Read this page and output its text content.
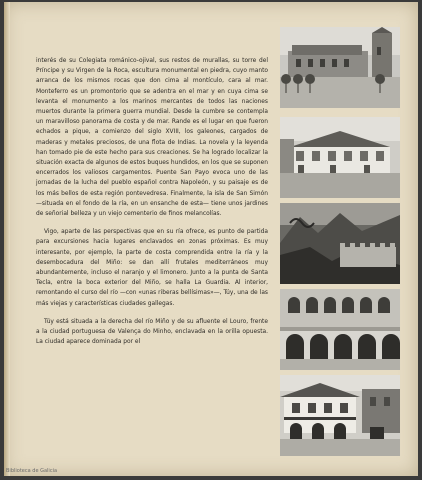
interés de su Colegiata románico-ojival, sus restos de murallas, su torre del Príncipe y su Virgen de la Roca, escultura monumental en piedra, cuyo manto arranca de los mismos rocas que don cima al montículo, cara al mar. Monteferro es un promontorio que se adentra en el mar y en cuya cima se levanta el monumento a los marinos mercantes de todos las naciones muertos durante la primera guerra mundial. Desde la cumbre se contempla un maravilloso panorama de costa y de mar. Rande es el lugar en que fueron echados a pique, a comienzo del siglo XVIII, los galeones, cargados de maderas y metales preciosos, de una flota de Indias. La novela y la leyenda han tomado pie de este hecho para sus creaciones. Se ha logrado localizar la situación exacta de algunos de estos buques hundidos, en los que se suponen encerrados los valiosos cargamentos. Puente San Payo evoca uno de las jornadas de la lucha del pueblo español contra Napoleón, y su paisaje es de los más bellos de esta región pontevedresa. Finalmente, la isla de San Simón —situada en el fondo de la ría, en un ensanche de esta— tiene unos jardines de señorial belleza y un viejo cementerio de finos melancolías.

Vigo, aparte de las perspectivas que en su ría ofrece, es punto de partida para excursiones hacia lugares enclavados en zonas próximas. Es muy interesante, por ejemplo, la parte de costa comprendida entre la ría y la desembocadura del Miño: se dan allí frutales mediterráneos muy abundantemente, incluso el naranjo y el limonero. Junto a la punta de Santa Tecla, entre la boca exterior del Miño, se halla La Guardia. Al interior, remontando el curso del río —con «unas riberas bellísimas»—, Túy, una de las más viejas y características ciudades gallegas.

Túy está situada a la derecha del río Miño y de su afluente el Louro, frente a la ciudad portuguesa de Valença do Minho, enclavada en la orilla opuesta. La ciudad aparece dominada por el

Biblioteca de Galicia
